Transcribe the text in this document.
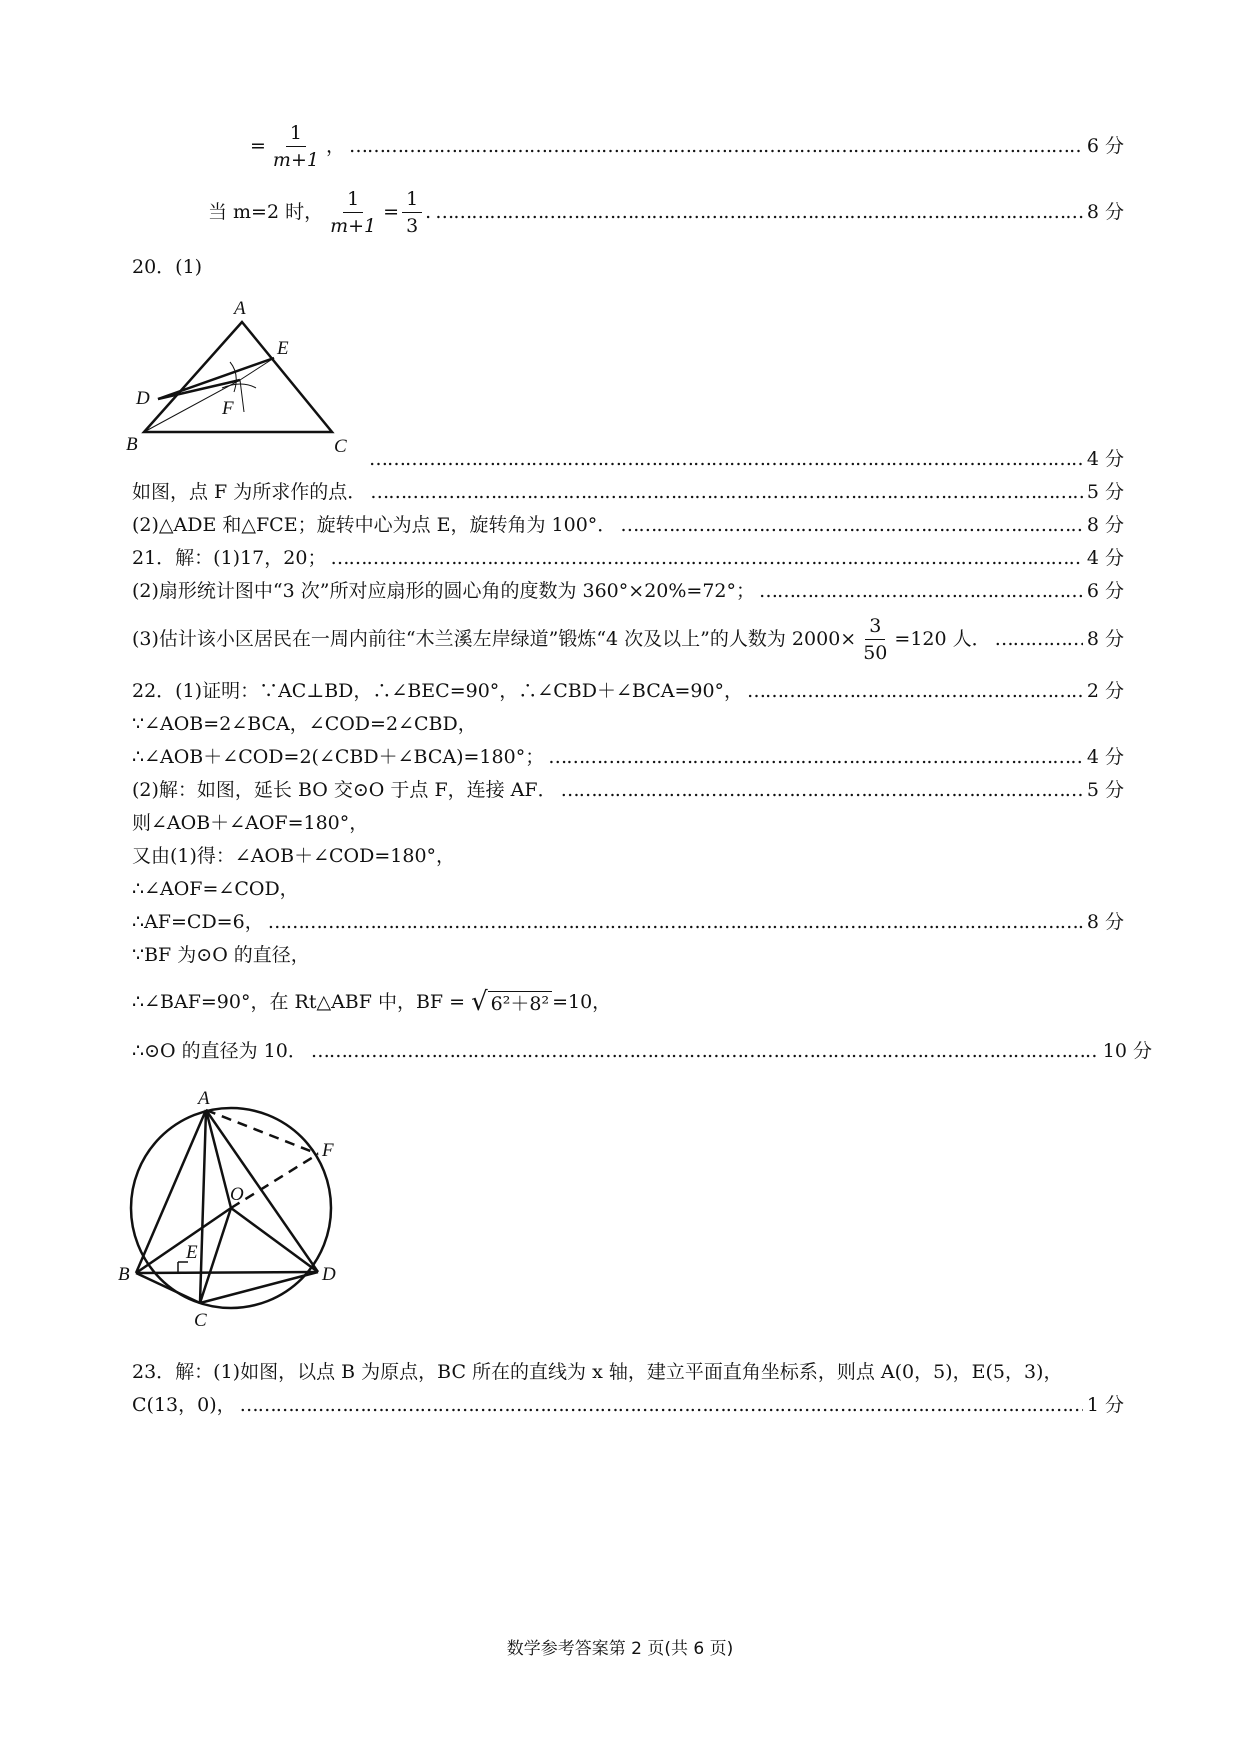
= $\frac{1}{m+1}$ ， …………………………………………………………………………………………………………………………………………………………………………………………………………………………………………………………………………………………………………………………………………………………………………………………………………………………	6 分
当 m=2 时， $\frac{1}{m+1} = \frac{1}{3}$ . …………………………………………………………………………………………………………………………………………………………………………………………………………………………………………………………………………………………………………………………………………………………………………………………………………………………	8 分
20．(1)
A
E
D	F
B	C
…………………………………………………………………………………………………………………………………………………………………………………………………………………………………………………………………………………………………………………………………………………………………………………………………………………………
4 分
如图，点 F 为所求作的点． …………………………………………………………………………………………………………………………………………………………………………………………………………………………………………………………………………………………………………………………………………………………………………………………………………………………	5 分
(2)△ADE 和△FCE；旋转中心为点 E，旋转角为 100°． …………………………………………………………………………………………………………………………………………………………………………………………………………………………………………………………………………………………………………………………………………………………………………………………………………………………	8 分
21．解：(1)17，20； …………………………………………………………………………………………………………………………………………………………………………………………………………………………………………………………………………………………………………………………………………………………………………………………………………………………	4 分
(2)扇形统计图中“3 次”所对应扇形的圆心角的度数为 360°×20%=72°； …………………………………………………………………………………………………………………………………………………………………………………………………………………………………………………………………………………………………………………………………………………………………………………………………………………………	6 分
(3)估计该小区居民在一周内前往“木兰溪左岸绿道”锻炼“4 次及以上”的人数为 $2000\times \frac{3}{50} =120$ 人． …………………………………………………………………………………………………………………………………………………………………………………………………………………………………………………………………………………………………………………………………………………………………………………………………………………………	8 分
22．(1)证明：∵AC⊥BD，∴∠BEC=90°，∴∠CBD＋∠BCA=90°， …………………………………………………………………………………………………………………………………………………………………………………………………………………………………………………………………………………………………………………………………………………………………………………………………………………………	2 分
∵∠AOB=2∠BCA，∠COD=2∠CBD，
∴∠AOB＋∠COD=2(∠CBD＋∠BCA)=180°； …………………………………………………………………………………………………………………………………………………………………………………………………………………………………………………………………………………………………………………………………………………………………………………………………………………………	4 分
(2)解：如图，延长 BO 交⊙O 于点 F，连接 AF． …………………………………………………………………………………………………………………………………………………………………………………………………………………………………………………………………………………………………………………………………………………………………………………………………………………………	5 分
则∠AOB＋∠AOF=180°，
又由(1)得：∠AOB＋∠COD=180°，
∴∠AOF=∠COD，
∴AF=CD=6， …………………………………………………………………………………………………………………………………………………………………………………………………………………………………………………………………………………………………………………………………………………………………………………………………………………………	8 分
∵BF 为⊙O 的直径，
∴∠BAF=90°，在 Rt△ABF 中，BF = √ 6²＋8² =10，
∴⊙O 的直径为 10． …………………………………………………………………………………………………………………………………………………………………………………………………………………………………………………………………………………………………………………………………………………………………………………………………………………………	10 分
A
F
O
E
B	D
C
23．解：(1)如图，以点 B 为原点，BC 所在的直线为 x 轴，建立平面直角坐标系，则点 A(0，5)，E(5，3)，
C(13，0)， …………………………………………………………………………………………………………………………………………………………………………………………………………………………………………………………………………………………………………………………………………………………………………………………………………………………	1 分
数学参考答案第 2 页(共 6 页)
